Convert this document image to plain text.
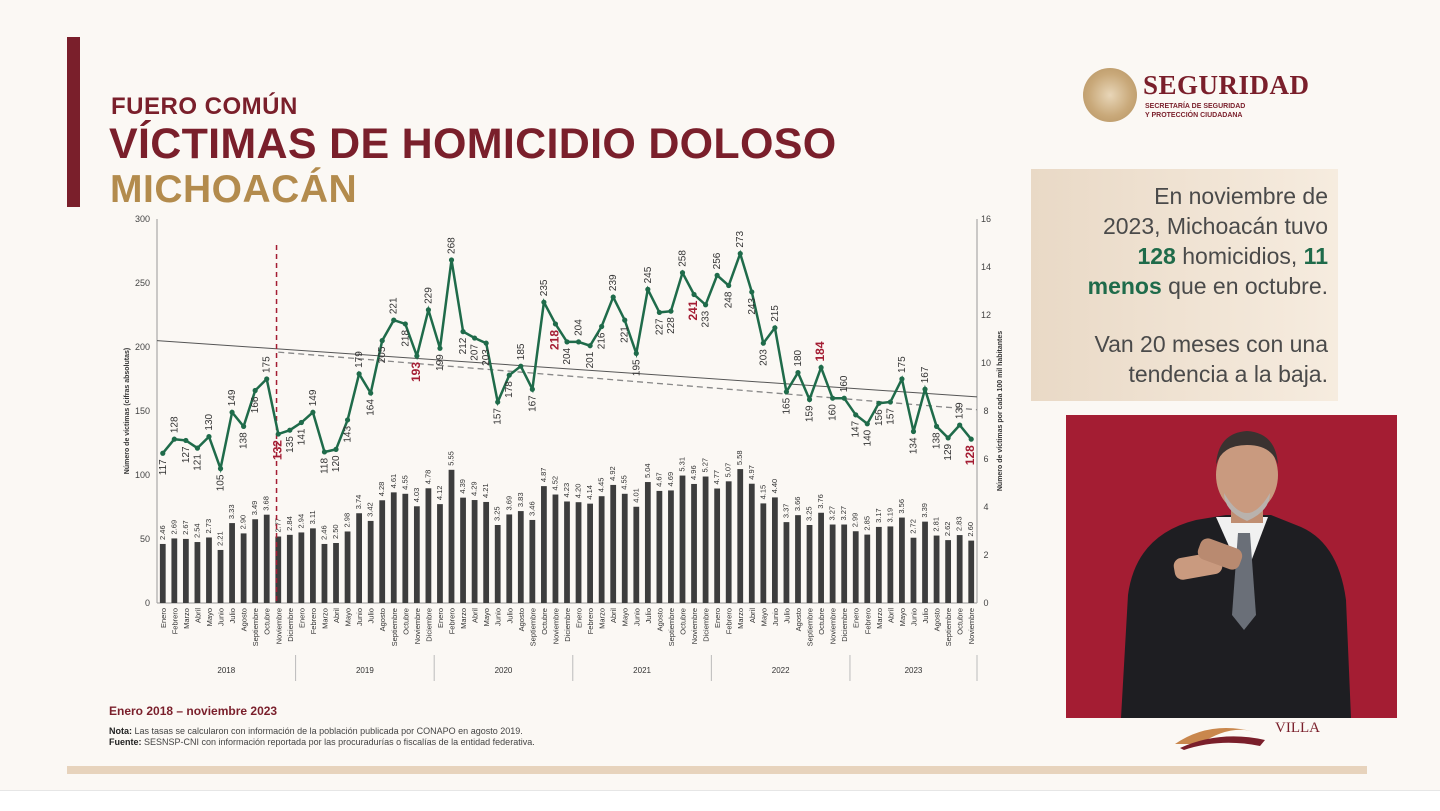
FUERO COMÚN
VÍCTIMAS DE HOMICIDIO DOLOSO
MICHOACÁN
SEGURIDAD
SECRETARÍA DE SEGURIDAD
Y PROTECCIÓN CIUDADANA
En noviembre de
2023, Michoacán tuvo
128 homicidios, 11
menos que en octubre.
Van 20 meses con una
tendencia a la baja.
VILLA
0
50
100
150
200
250
300
0
2
4
6
8
10
12
14
16
Número de víctimas (cifras absolutas)	Número de víctimas por cada 100 mil habitantes
2.46 2.69 2.67 2.54 2.73
2.21
3.33
2.90
3.49 3.68
2.77 2.84 2.94 3.11
2.46 2.50
2.98
3.74
3.42
4.28
4.61 4.55
4.03
4.78
4.12
5.55
4.39 4.29 4.21
3.25
3.69 3.83
3.46
4.87
4.52 4.23 4.20 4.14
4.45
4.92
4.55
4.01
5.04
4.67 4.69
5.31
4.96
5.27
4.77 5.07
5.58
4.97
4.15 4.40
3.37 3.66
3.25
3.76
3.27 3.27 2.99 2.85
3.17 3.19
3.56
2.72
3.39
2.81 2.62 2.83 2.60
Enero Febrero Marzo Abril Mayo Junio Julio Agosto Septiembre Octubre Noviembre Diciembre Enero Febrero Marzo Abril Mayo Junio Julio Agosto Septiembre Octubre Noviembre Diciembre Enero Febrero Marzo Abril Mayo Junio Julio Agosto Septiembre Octubre Noviembre Diciembre Enero Febrero Marzo Abril Mayo Junio Julio Agosto Septiembre Octubre Noviembre Diciembre Enero Febrero Marzo Abril Mayo Junio Julio Agosto Septiembre Octubre Noviembre Diciembre Enero Febrero Marzo Abril Mayo Junio Julio Agosto Septiembre Octubre Noviembre
2018	2019	2020	2021	2022	2023
117
128
127 121
130
105
149
138
166
175
132 135 141
149
118 120
143
179
164
205
221
218
193
229
199
268
212 207 203
157
178
185
167
235
218
204
204
201
216
239
221
195
245
227 228
258
241 233
256
248
273
243
203
215
165
180
159
184
160
160
147
140
156 157
175
134
167
138
129
139
128
Enero 2018 – noviembre 2023
Nota: Las tasas se calcularon con información de la población publicada por CONAPO en agosto 2019.
Fuente: SESNSP-CNI con información reportada por las procuradurías o fiscalías de la entidad federativa.
